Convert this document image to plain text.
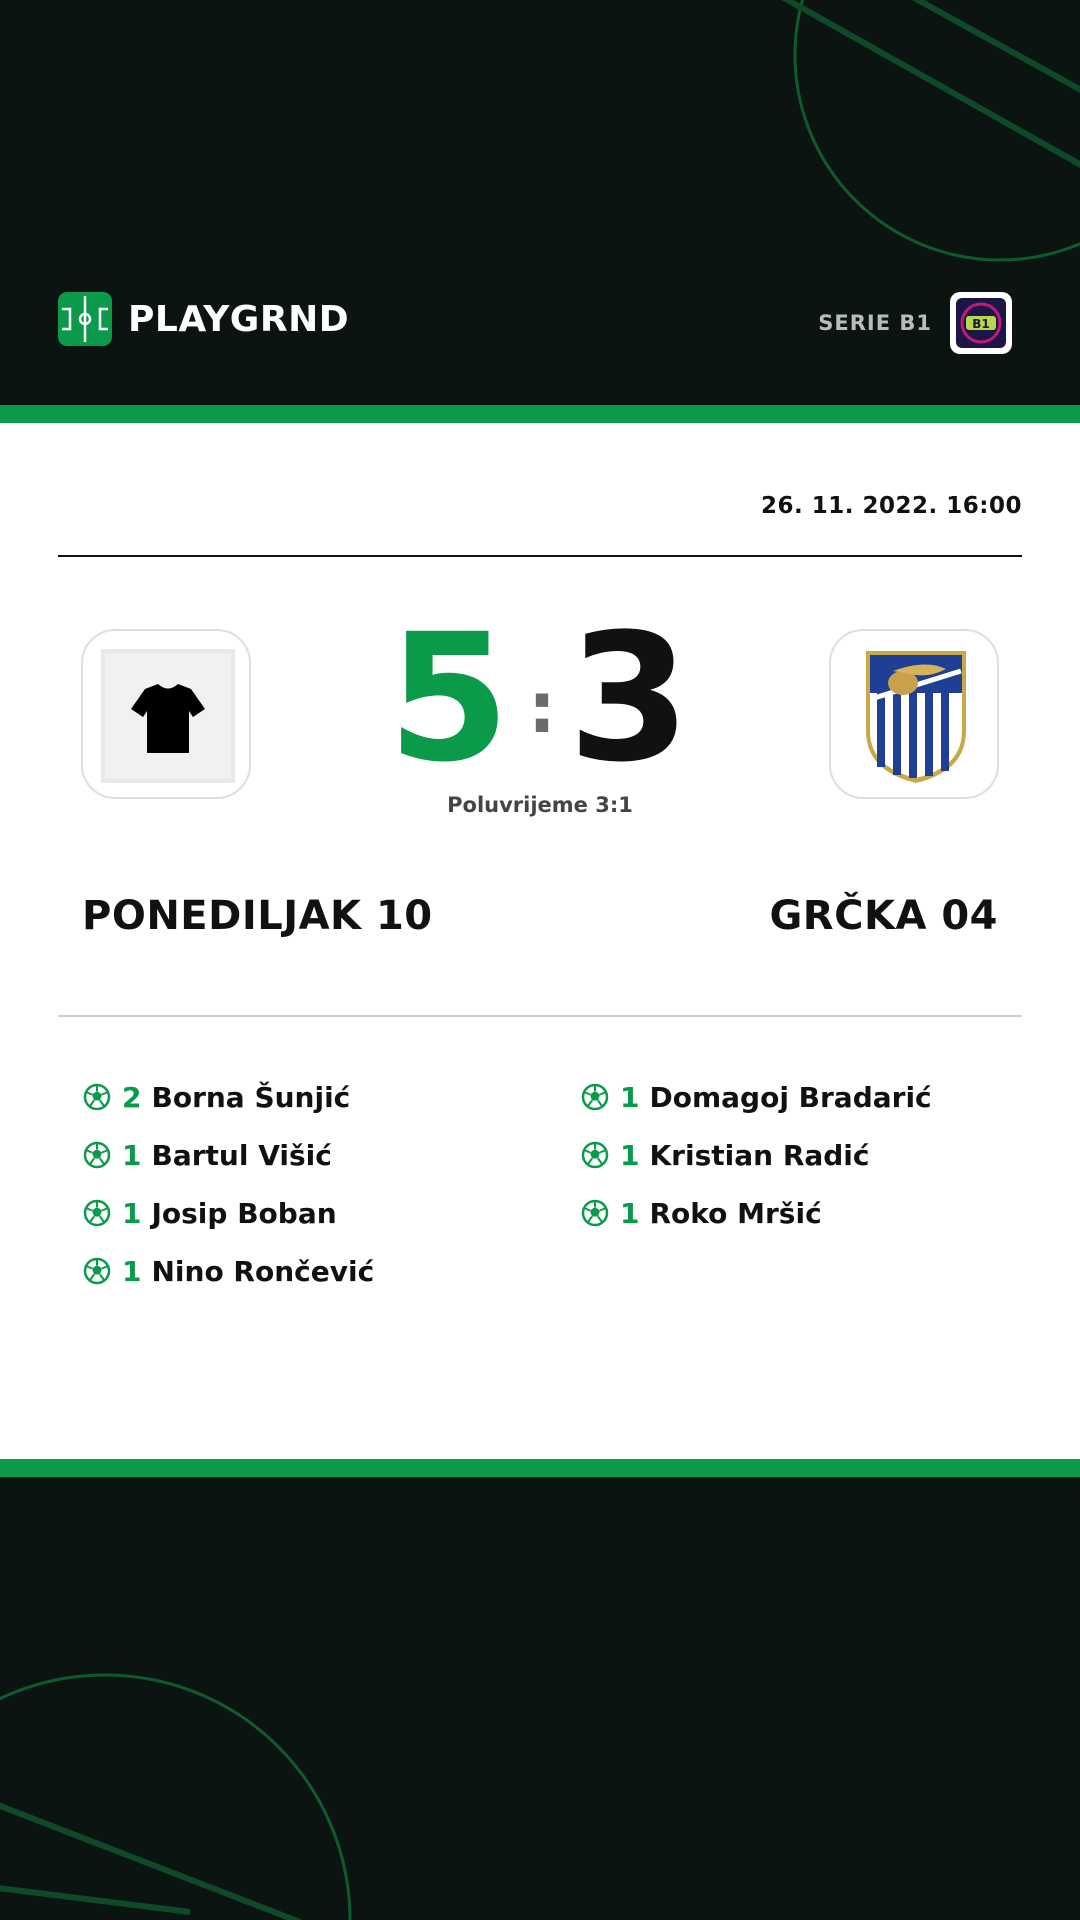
PLAYGRND	SERIE B1	B1
26. 11. 2022. 16:00
5 : 3
Poluvrijeme 3:1
PONEDILJAK 10	GRČKA 04
2 Borna Šunjić
1 Bartul Višić
1 Josip Boban
1 Nino Rončević
1 Domagoj Bradarić
1 Kristian Radić
1 Roko Mršić
